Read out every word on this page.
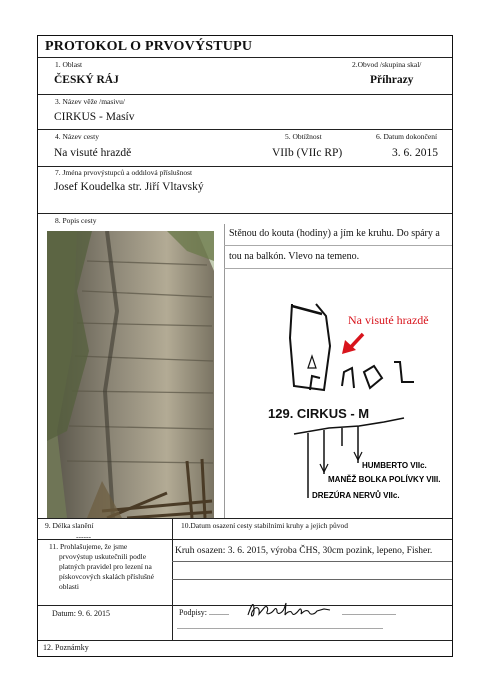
PROTOKOL O PRVOVÝSTUPU
1. Oblast	2.Obvod /skupina skal/
ČESKÝ RÁJ	Příhrazy
3. Název věže /masivu/
CIRKUS - Masív
4. Název cesty	5. Obtížnost	6. Datum dokončení
Na visuté hrazdě	VIIb (VIIc RP)	3. 6. 2015
7. Jména prvovýstupců a oddılová příslušnost
Josef Koudelka str. Jiří Vltavský
8. Popis cesty
Stěnou do kouta (hodiny) a jím ke kruhu. Do spáry a
tou na balkón. Vlevo na temeno.
Na visuté hrazdě
129. CIRKUS - M
HUMBERTO VIIc.
MANĚŽ BOLKA POLÍVKY VIII.
DREZÚRA NERVŮ VIIc.
9. Délka slanění
------
10.Datum osazení cesty stabilními kruhy a jejich původ
11. Prohlašujeme, že jsme
prvovýstup uskutečnili podle
platných pravidel pro lezení na
pískovcových skalách příslušné
oblasti
Kruh osazen: 3. 6. 2015, výroba ČHS, 30cm pozink, lepeno, Fisher.
Datum: 9. 6. 2015	Podpisy: ..........	...........................
.......................................................................................................
12. Poznámky
